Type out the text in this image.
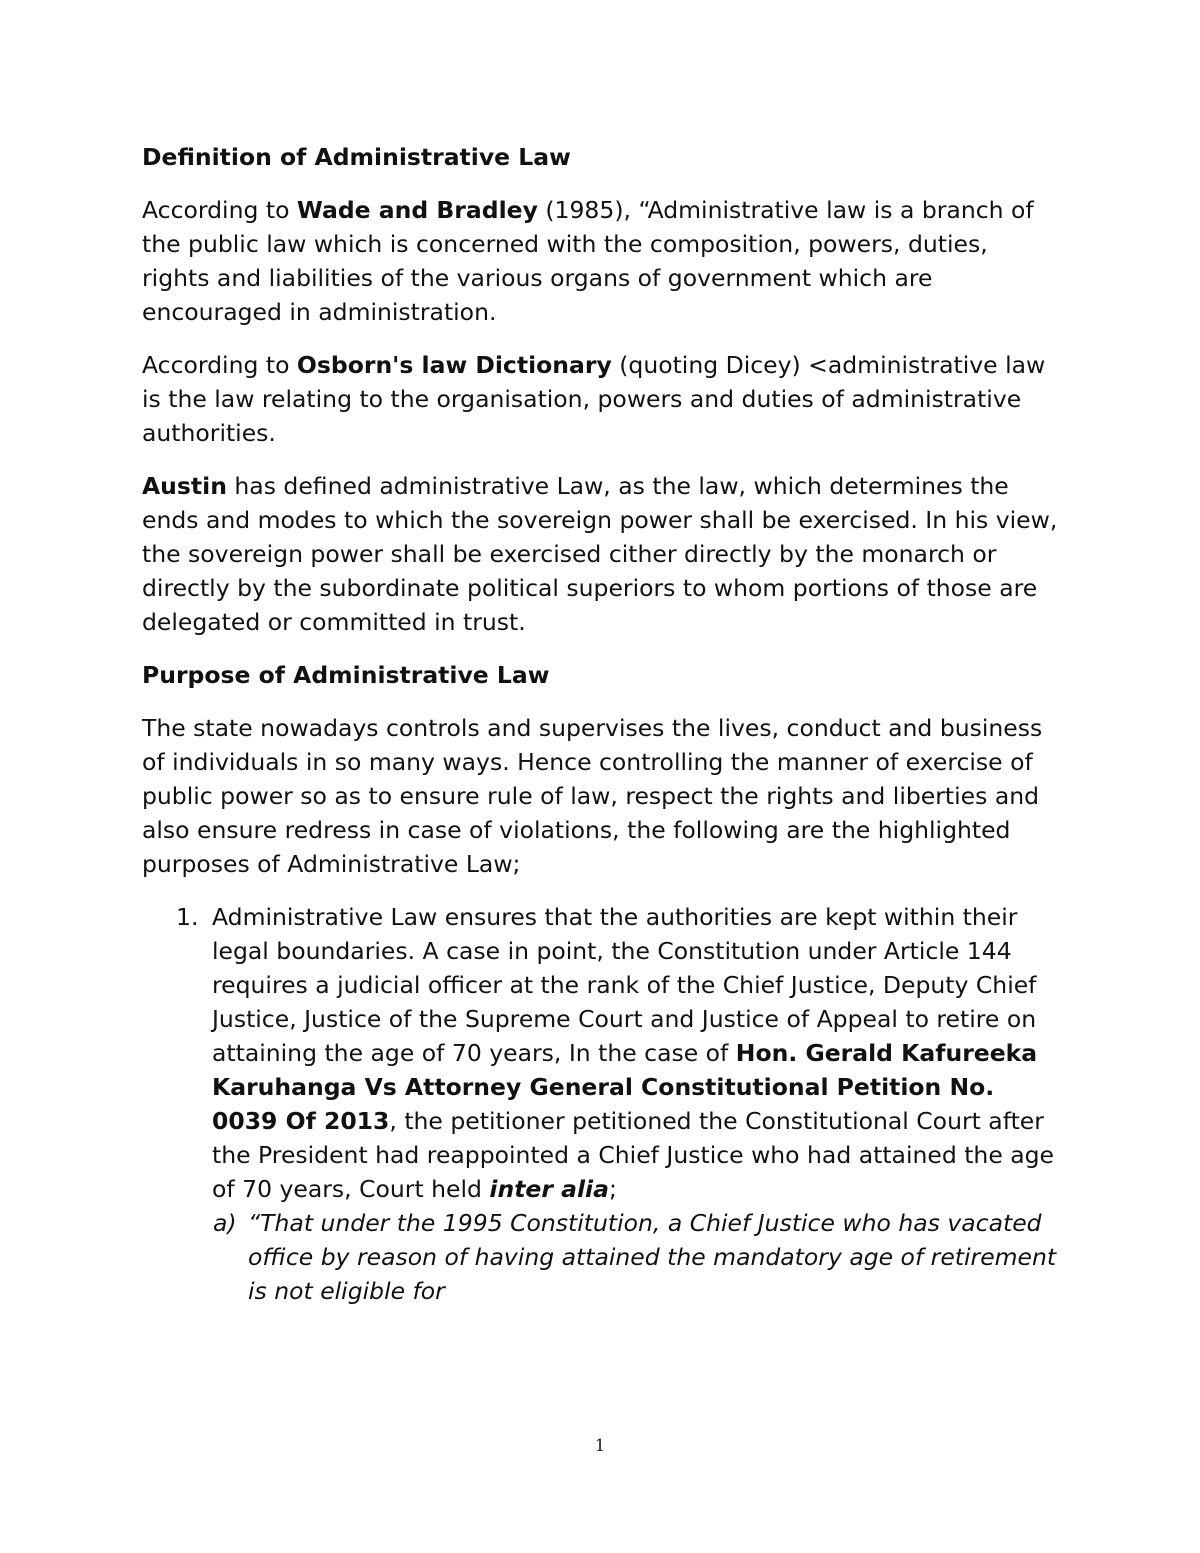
Definition of Administrative Law

According to Wade and Bradley (1985), “Administrative law is a branch of the public law which is concerned with the composition, powers, duties, rights and liabilities of the various organs of government which are encouraged in administration.

According to Osborn's law Dictionary (quoting Dicey) <administrative law is the law relating to the organisation, powers and duties of administrative authorities.

Austin has defined administrative Law, as the law, which determines the ends and modes to which the sovereign power shall be exercised. In his view, the sovereign power shall be exercised cither directly by the monarch or directly by the subordinate political superiors to whom portions of those are delegated or committed in trust.

Purpose of Administrative Law

The state nowadays controls and supervises the lives, conduct and business of individuals in so many ways. Hence controlling the manner of exercise of public power so as to ensure rule of law, respect the rights and liberties and also ensure redress in case of violations, the following are the highlighted purposes of Administrative Law;

1. Administrative Law ensures that the authorities are kept within their legal boundaries. A case in point, the Constitution under Article 144 requires a judicial officer at the rank of the Chief Justice, Deputy Chief Justice, Justice of the Supreme Court and Justice of Appeal to retire on attaining the age of 70 years, In the case of Hon. Gerald Kafureeka Karuhanga Vs Attorney General Constitutional Petition No. 0039 Of 2013, the petitioner petitioned the Constitutional Court after the President had reappointed a Chief Justice who had attained the age of 70 years, Court held inter alia;
a) “That under the 1995 Constitution, a Chief Justice who has vacated office by reason of having attained the mandatory age of retirement is not eligible for
1
